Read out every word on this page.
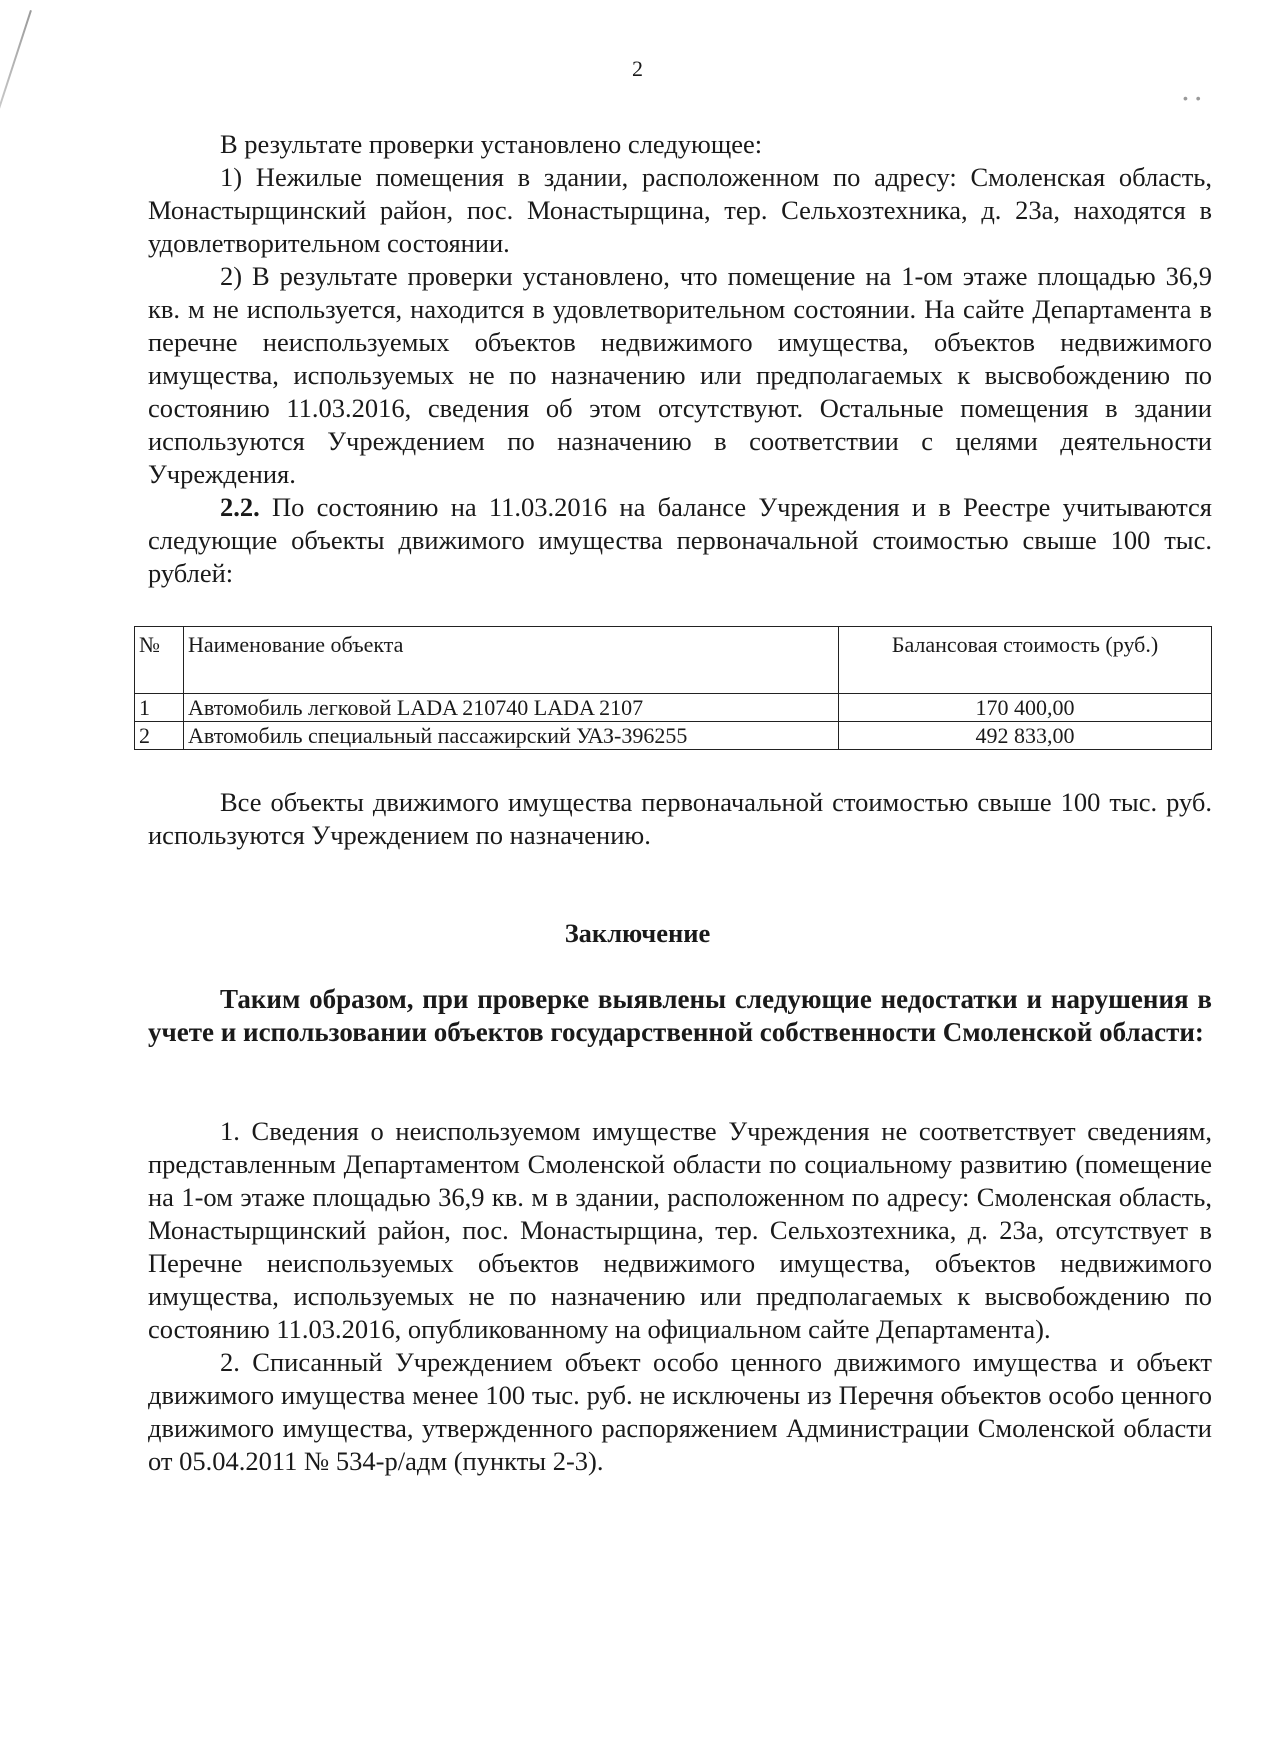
• •
2

В результате проверки установлено следующее:

1) Нежилые помещения в здании, расположенном по адресу: Смоленская область, Монастырщинский район, пос. Монастырщина, тер. Сельхозтехника, д. 23а, находятся в удовлетворительном состоянии.

2) В результате проверки установлено, что помещение на 1-ом этаже площадью 36,9 кв. м не используется, находится в удовлетворительном состоянии. На сайте Департамента в перечне неиспользуемых объектов недвижимого имущества, объектов недвижимого имущества, используемых не по назначению или предполагаемых к высвобождению по состоянию 11.03.2016, сведения об этом отсутствуют. Остальные помещения в здании используются Учреждением по назначению в соответствии с целями деятельности Учреждения.

2.2. По состоянию на 11.03.2016 на балансе Учреждения и в Реестре учитываются следующие объекты движимого имущества первоначальной стоимостью свыше 100 тыс. рублей:

№	Наименование объекта	Балансовая стоимость (руб.)
1	Автомобиль легковой LADA 210740 LADA 2107	170 400,00
2	Автомобиль специальный пассажирский УАЗ-396255	492 833,00

Все объекты движимого имущества первоначальной стоимостью свыше 100 тыс. руб. используются Учреждением по назначению.

Заключение

Таким образом, при проверке выявлены следующие недостатки и нарушения в учете и использовании объектов государственной собственности Смоленской области:

1. Сведения о неиспользуемом имуществе Учреждения не соответствует сведениям, представленным Департаментом Смоленской области по социальному развитию (помещение на 1-ом этаже площадью 36,9 кв. м в здании, расположенном по адресу: Смоленская область, Монастырщинский район, пос. Монастырщина, тер. Сельхозтехника, д. 23а, отсутствует в Перечне неиспользуемых объектов недвижимого имущества, объектов недвижимого имущества, используемых не по назначению или предполагаемых к высвобождению по состоянию 11.03.2016, опубликованному на официальном сайте Департамента).

2. Списанный Учреждением объект особо ценного движимого имущества и объект движимого имущества менее 100 тыс. руб. не исключены из Перечня объектов особо ценного движимого имущества, утвержденного распоряжением Администрации Смоленской области от 05.04.2011 № 534-р/адм (пункты 2-3).
